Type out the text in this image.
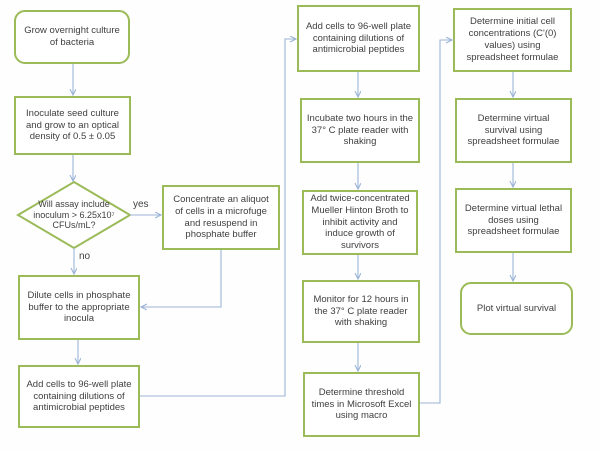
Grow overnight culture of bacteria
Inoculate seed culture and grow to an optical density of 0.5 ± 0.05
Will assay include inoculum > 6.25x10⁷ CFUs/mL?
yes
no
Concentrate an aliquot of cells in a microfuge and resuspend in phosphate buffer
Dilute cells in phosphate buffer to the appropriate inocula
Add cells to 96-well plate containing dilutions of antimicrobial peptides
Add cells to 96-well plate containing dilutions of antimicrobial peptides
Incubate two hours in the 37° C plate reader with shaking
Add twice-concentrated Mueller Hinton Broth to inhibit activity and induce growth of survivors
Monitor for 12 hours in the 37° C plate reader with shaking
Determine threshold times in Microsoft Excel using macro
Determine initial cell concentrations (C'(0) values) using spreadsheet formulae
Determine virtual survival using spreadsheet formulae
Determine virtual lethal doses using spreadsheet formulae
Plot virtual survival
